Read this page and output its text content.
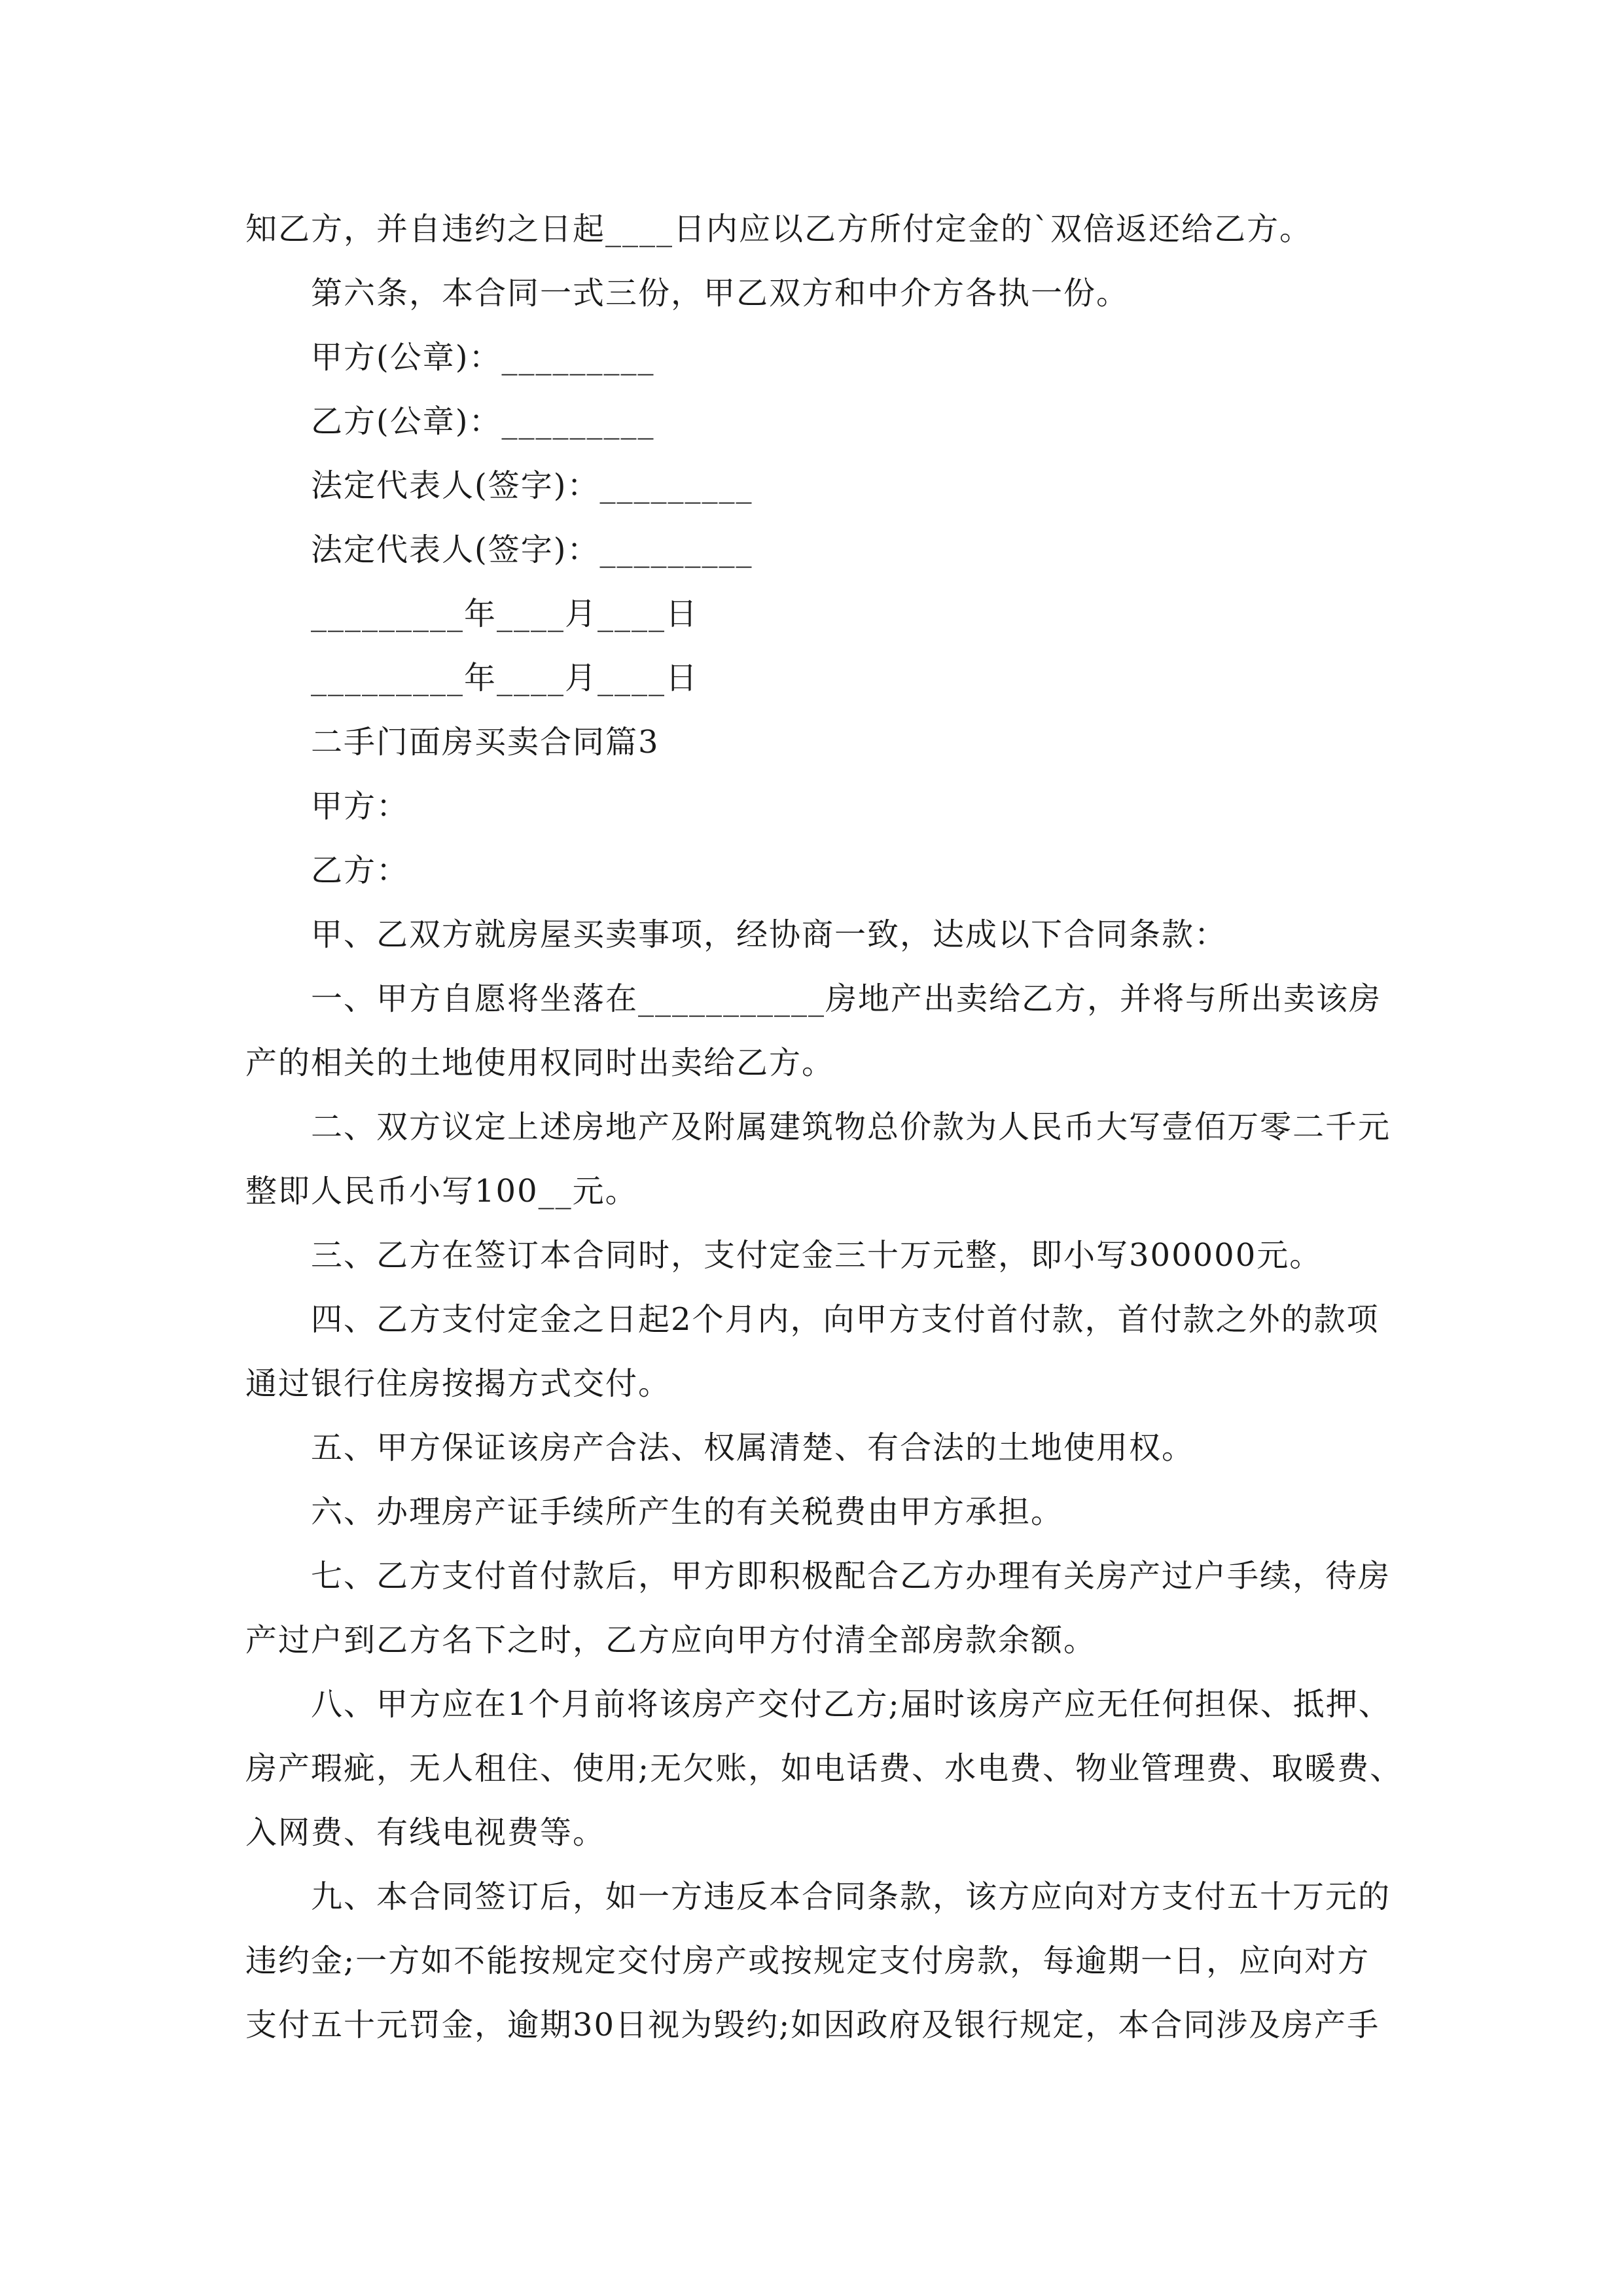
知乙方，并自违约之日起____日内应以乙方所付定金的`双倍返还给乙方。
第六条，本合同一式三份，甲乙双方和中介方各执一份。
甲方(公章)：_________
乙方(公章)：_________
法定代表人(签字)：_________
法定代表人(签字)：_________
_________年____月____日
_________年____月____日
二手门面房买卖合同篇3
甲方：
乙方：
甲、乙双方就房屋买卖事项，经协商一致，达成以下合同条款：
一、甲方自愿将坐落在___________房地产出卖给乙方，并将与所出卖该房
产的相关的土地使用权同时出卖给乙方。
二、双方议定上述房地产及附属建筑物总价款为人民币大写壹佰万零二千元
整即人民币小写100__元。
三、乙方在签订本合同时，支付定金三十万元整，即小写300000元。
四、乙方支付定金之日起2个月内，向甲方支付首付款，首付款之外的款项
通过银行住房按揭方式交付。
五、甲方保证该房产合法、权属清楚、有合法的土地使用权。
六、办理房产证手续所产生的有关税费由甲方承担。
七、乙方支付首付款后，甲方即积极配合乙方办理有关房产过户手续，待房
产过户到乙方名下之时，乙方应向甲方付清全部房款余额。
八、甲方应在1个月前将该房产交付乙方;届时该房产应无任何担保、抵押、
房产瑕疵，无人租住、使用;无欠账，如电话费、水电费、物业管理费、取暖费、
入网费、有线电视费等。
九、本合同签订后，如一方违反本合同条款，该方应向对方支付五十万元的
违约金;一方如不能按规定交付房产或按规定支付房款，每逾期一日，应向对方
支付五十元罚金，逾期30日视为毁约;如因政府及银行规定，本合同涉及房产手
